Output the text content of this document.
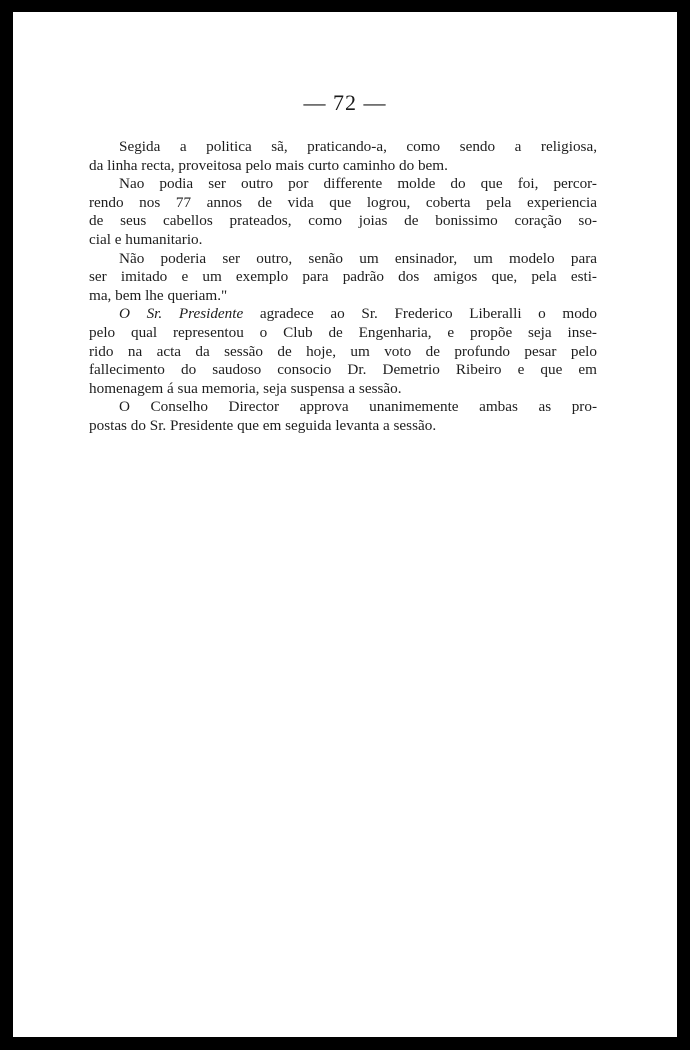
— 72 —
Segida a politica sã, praticando-a, como sendo a religiosa,
da linha recta, proveitosa pelo mais curto caminho do bem.
Nao podia ser outro por differente molde do que foi, percor-
rendo nos 77 annos de vida que logrou, coberta pela experiencia
de seus cabellos prateados, como joias de bonissimo coração so-
cial e humanitario.
Não poderia ser outro, senão um ensinador, um modelo para
ser imitado e um exemplo para padrão dos amigos que, pela esti-
ma, bem lhe queriam."
O Sr. Presidente agradece ao Sr. Frederico Liberalli o modo
pelo qual representou o Club de Engenharia, e propõe seja inse-
rido na acta da sessão de hoje, um voto de profundo pesar pelo
fallecimento do saudoso consocio Dr. Demetrio Ribeiro e que em
homenagem á sua memoria, seja suspensa a sessão.
O Conselho Director approva unanimemente ambas as pro-
postas do Sr. Presidente que em seguida levanta a sessão.
